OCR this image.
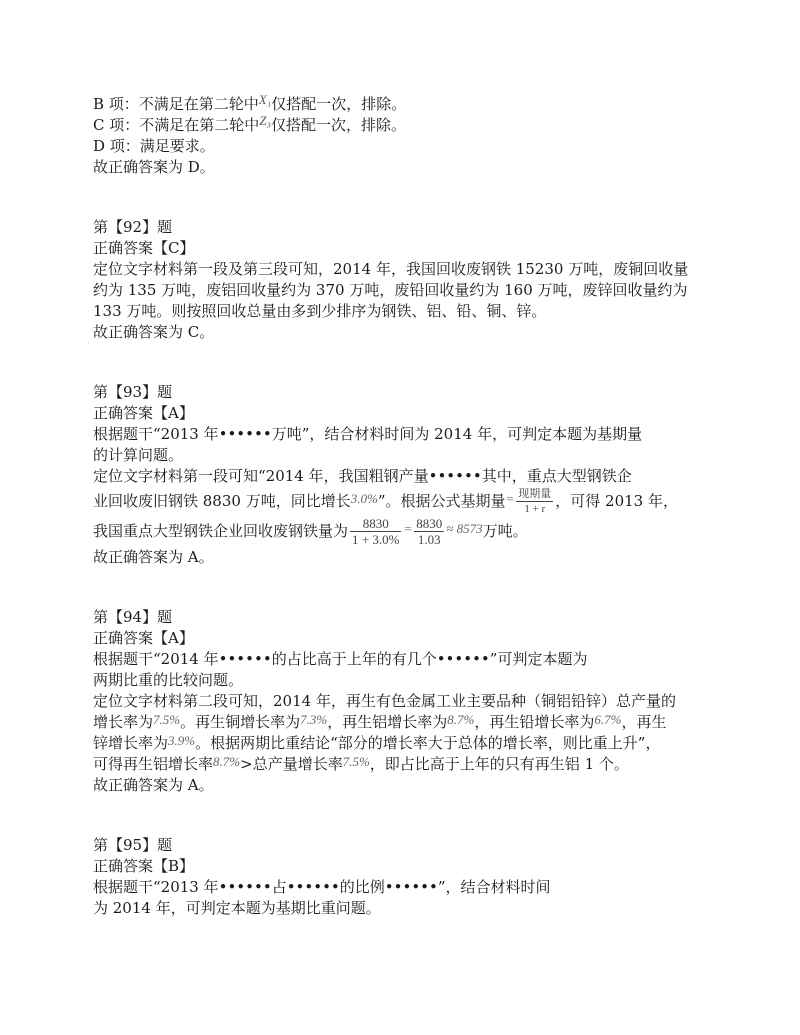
B 项：不满足在第二轮中X₁仅搭配一次，排除。
C 项：不满足在第二轮中Z₃仅搭配一次，排除。
D 项：满足要求。
故正确答案为 D。
第【92】题
正确答案【C】
定位文字材料第一段及第三段可知，2014 年，我国回收废钢铁 15230 万吨，废铜回收量
约为 135 万吨，废铝回收量约为 370 万吨，废铅回收量约为 160 万吨，废锌回收量约为
133 万吨。则按照回收总量由多到少排序为钢铁、铝、铅、铜、锌。
故正确答案为 C。
第【93】题
正确答案【A】
根据题干“2013 年••••••万吨”，结合材料时间为 2014 年，可判定本题为基期量
的计算问题。
定位文字材料第一段可知“2014 年，我国粗钢产量••••••其中，重点大型钢铁企
业回收废旧钢铁 8830 万吨，同比增长3.0%”。根据公式基期量= $\frac{\text{现期量}}{1 + r}$ ，可得 2013 年，
我国重点大型钢铁企业回收废钢铁量为 $\frac{8830}{1 + 3.0\%} = \frac{8830}{1.03} \approx 8573$万吨。
故正确答案为 A。
第【94】题
正确答案【A】
根据题干“2014 年••••••的占比高于上年的有几个••••••”可判定本题为
两期比重的比较问题。
定位文字材料第二段可知，2014 年，再生有色金属工业主要品种（铜铝铅锌）总产量的
增长率为7.5%。再生铜增长率为7.3%，再生铝增长率为8.7%，再生铅增长率为6.7%，再生
锌增长率为3.9%。根据两期比重结论“部分的增长率大于总体的增长率，则比重上升”，
可得再生铝增长率8.7%>总产量增长率7.5%，即占比高于上年的只有再生铝 1 个。
故正确答案为 A。
第【95】题
正确答案【B】
根据题干“2013 年••••••占••••••的比例••••••”，结合材料时间
为 2014 年，可判定本题为基期比重问题。
